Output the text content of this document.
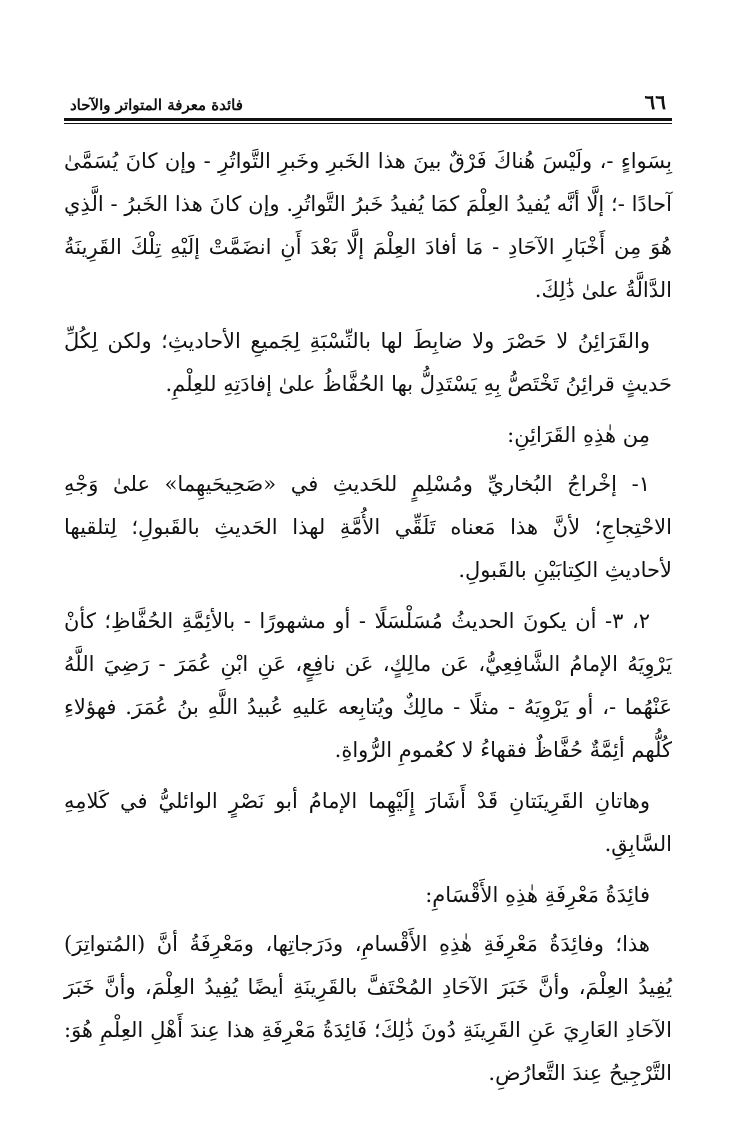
٦٦
فائدة معرفة المتواتر والآحاد

بِسَواءٍ -، ولَيْسَ هُناكَ فَرْقٌ بينَ هذا الخَبرِ وخَبرِ التَّواتُرِ - وإن كانَ يُسَمَّىٰ آحادًا -؛ إلَّا أنَّه يُفيدُ العِلْمَ كمَا يُفيدُ خَبرُ التَّواتُرِ. وإن كانَ هذا الخَبرُ - الَّذِي هُوَ مِن أَخْبَارِ الآحَادِ - مَا أفادَ العِلْمَ إلَّا بَعْدَ أَنِ انضَمَّتْ إلَيْهِ تِلْكَ القَرِينَةُ الدَّالَّةُ علىٰ ذَٰلِكَ.

والقَرَائِنُ لا حَصْرَ ولا ضابِطَ لها بالنِّسْبَةِ لِجَميعِ الأحاديثِ؛ ولكن لِكُلِّ حَديثٍ قرائِنُ تَخْتَصُّ بِهِ يَسْتَدِلُّ بها الحُفَّاظُ علىٰ إفادَتِهِ للعِلْمِ.

مِن هٰذِهِ القَرَائِنِ:

١- إخْراجُ البُخاريِّ ومُسْلِمٍ للحَديثِ في «صَحِيحَيهِما» علىٰ وَجْهِ الاحْتِجاجِ؛ لأنَّ هذا مَعناه تَلَقِّي الأُمَّةِ لهذا الحَديثِ بالقَبولِ؛ لِتلقيها لأحاديثِ الكِتابَيْنِ بالقَبولِ.

٢، ٣- أن يكونَ الحديثُ مُسَلْسَلًا - أو مشهورًا - بالأئِمَّةِ الحُفَّاظِ؛ كأنْ يَرْوِيَهُ الإمامُ الشَّافِعِيُّ، عَن مالِكٍ، عَن نافِعٍ، عَنِ ابْنِ عُمَرَ - رَضِيَ اللَّهُ عَنْهُما -، أو يَرْوِيَهُ - مثلًا - مالِكٌ ويُتابِعه عَليهِ عُبيدُ اللَّهِ بنُ عُمَرَ. فهؤلاءِ كُلُّهم أئِمَّةٌ حُفَّاظٌ فقهاءُ لا كعُمومِ الرُّواةِ.

وهاتانِ القَرِينَتانِ قَدْ أَشَارَ إِلَيْهِما الإمامُ أبو نَصْرٍ الوائليُّ في كَلامِهِ السَّابِقِ.

فائِدَةُ مَعْرِفَةِ هٰذِهِ الأَقْسَامِ:

هذا؛ وفائِدَةُ مَعْرِفَةِ هٰذِهِ الأَقْسامِ، ودَرَجاتِها، ومَعْرِفَةُ أنَّ (المُتواتِرَ) يُفِيدُ العِلْمَ، وأنَّ خَبَرَ الآحَادِ المُحْتَفَّ بالقَرِينَةِ أيضًا يُفِيدُ العِلْمَ، وأنَّ خَبَرَ الآحَادِ العَارِيَ عَنِ القَرِينَةِ دُونَ ذَٰلِكَ؛ فَائِدَةُ مَعْرِفَةِ هذا عِندَ أَهْلِ العِلْمِ هُوَ: التَّرْجِيحُ عِندَ التَّعارُضِ.
